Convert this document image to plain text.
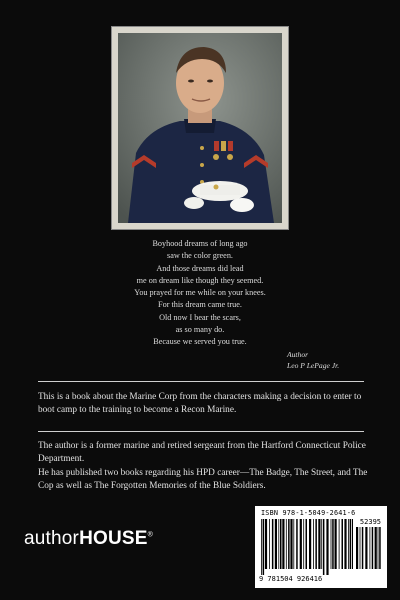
Boyhood dreams of long ago
saw the color green.
And those dreams did lead
me on dream like though they seemed.
You prayed for me while on your knees.
For this dream came true.
Old now I bear the scars,
as so many do.
Because we served you true.
Author
Leo P LePage Jr.
This is a book about the Marine Corp from the characters making a decision to enter to boot camp to the training to become a Recon Marine.
The author is a former marine and retired sergeant from the Hartford Connecticut Police Department.
He has published two books regarding his HPD career—The Badge, The Street, and The Cop as well as The Forgotten Memories of the Blue Soldiers.
authorHOUSE®
ISBN 978-1-5049-2641-6
52395
9 781504 926416
